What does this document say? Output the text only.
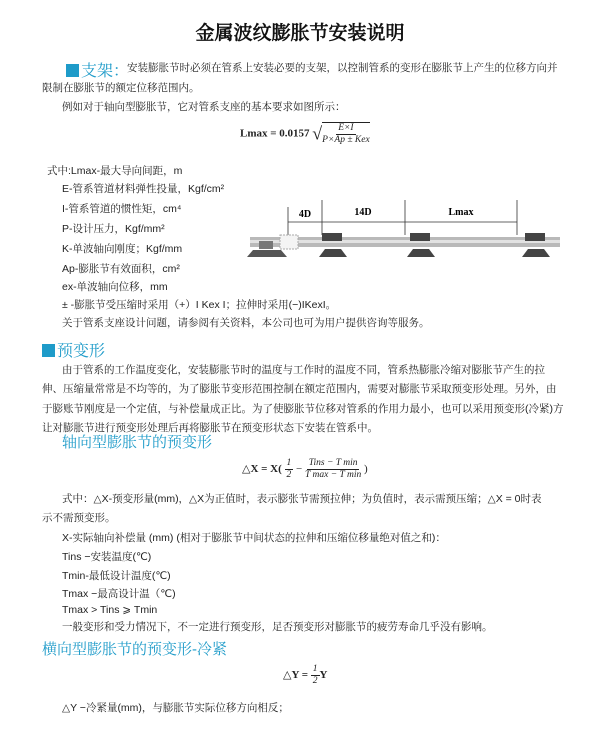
金属波纹膨胀节安装说明
支架：
安装膨胀节时必须在管系上安装必要的支架，以控制管系的变形在膨胀节上产生的位移方向并
限制在膨胀节的额定位移范围内。
例如对于轴向型膨胀节，它对管系支座的基本要求如图所示：
Lmax = 0.0157 √ $\frac{E\times I}{\text{P×Ap ± Kex}}$
式中:Lmax-最大导向间距，m
E-管系管道材料弹性投量，Kgf/cm²
I-管系管道的惯性矩，cm⁴
P-设计压力，Kgf/mm²
K-单波轴向刚度；Kgf/mm
Ap-膨胀节有效面积，cm²
ex-单波轴向位移，mm
± -膨胀节受压缩时采用（+）I Kex I；拉伸时采用(−)IKexI。
关于管系支座设计问题，请参阅有关资料，本公司也可为用户提供咨询等服务。
4D	14D	Lmax
预变形
由于管系的工作温度变化，安装膨胀节时的温度与工作时的温度不同，管系热膨胀冷缩对膨胀节产生的拉
伸、压缩量常常是不均等的，为了膨胀节变形范围控制在额定范围内，需要对膨胀节采取预变形处理。另外，由
于膨账节刚度是一个定值，与补偿量成正比。为了使膨胀节位移对管系的作用力最小，也可以采用预变形(冷紧)方
让对膨胀节进行预变形处理后再将膨胀节在预变形状态下安装在管系中。
轴向型膨胀节的预变形
△X = $X( \frac{1}{2} - \frac{\text{Tins − T min}}{\text{T max − T min}}$ )
式中：△X-预变形量(mm)，△X为正值时，表示膨张节需预拉伸；为负值时，表示需预压缩；△X = 0时表
示不需预变形。
X-实际轴向补偿量 (mm) (相对于膨胀节中间状态的拉伸和压缩位移量绝对值之和)：
Tins −安装温度(℃)
Tmin-最低设计温度(℃)
Tmax −最高设计温（℃)
Tmax > Tins ⩾ Tmin
一般变形和受力情况下，不一定进行预变形，足否预变形对膨胀节的疲劳寿命几乎没有影响。
横向型膨胀节的预变形-冷紧
△Y = $\frac{1}{2}$ Y
△Y −冷紧量(mm)，与膨胀节实际位移方向相反；
